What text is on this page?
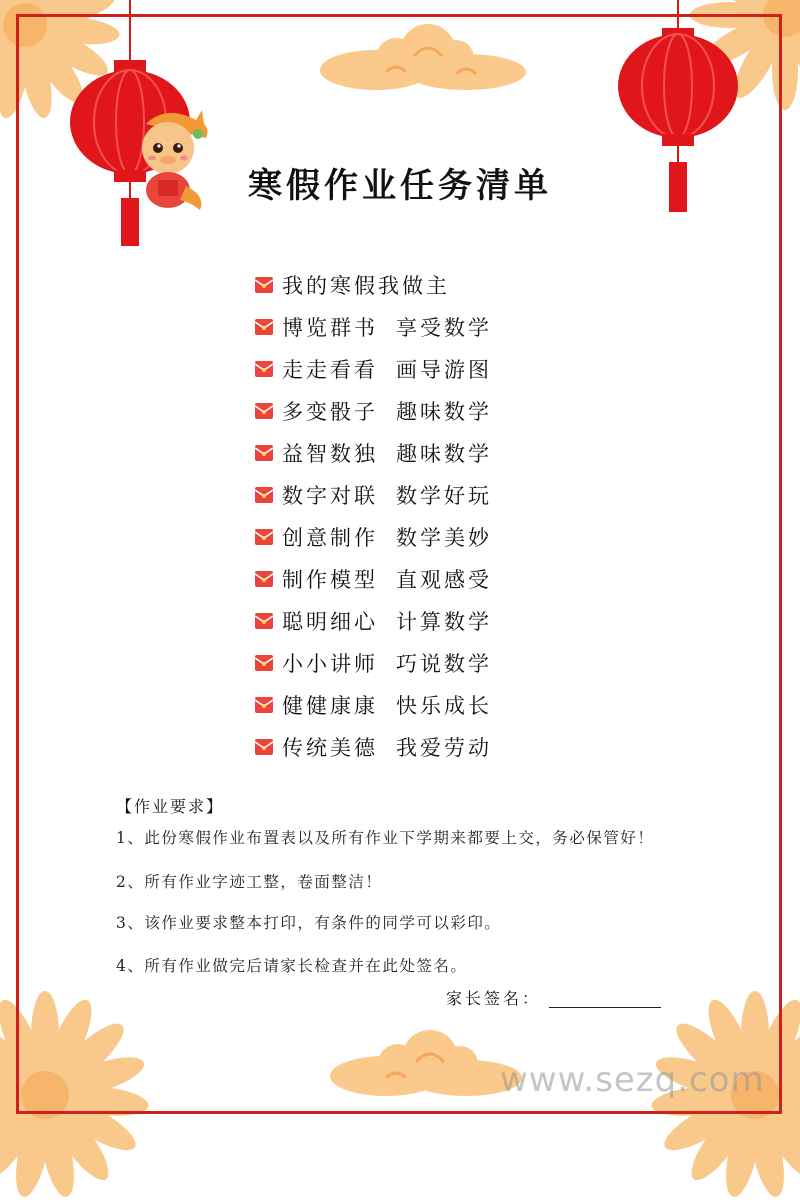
寒假作业任务清单
我的寒假我做主
博览群书 享受数学
走走看看 画导游图
多变骰子 趣味数学
益智数独 趣味数学
数字对联 数学好玩
创意制作 数学美妙
制作模型 直观感受
聪明细心 计算数学
小小讲师 巧说数学
健健康康 快乐成长
传统美德 我爱劳动
【作业要求】
1、此份寒假作业布置表以及所有作业下学期来都要上交，务必保管好！
2、所有作业字迹工整，卷面整洁！
3、该作业要求整本打印，有条件的同学可以彩印。
4、所有作业做完后请家长检查并在此处签名。
家长签名：
www.sezq.com
